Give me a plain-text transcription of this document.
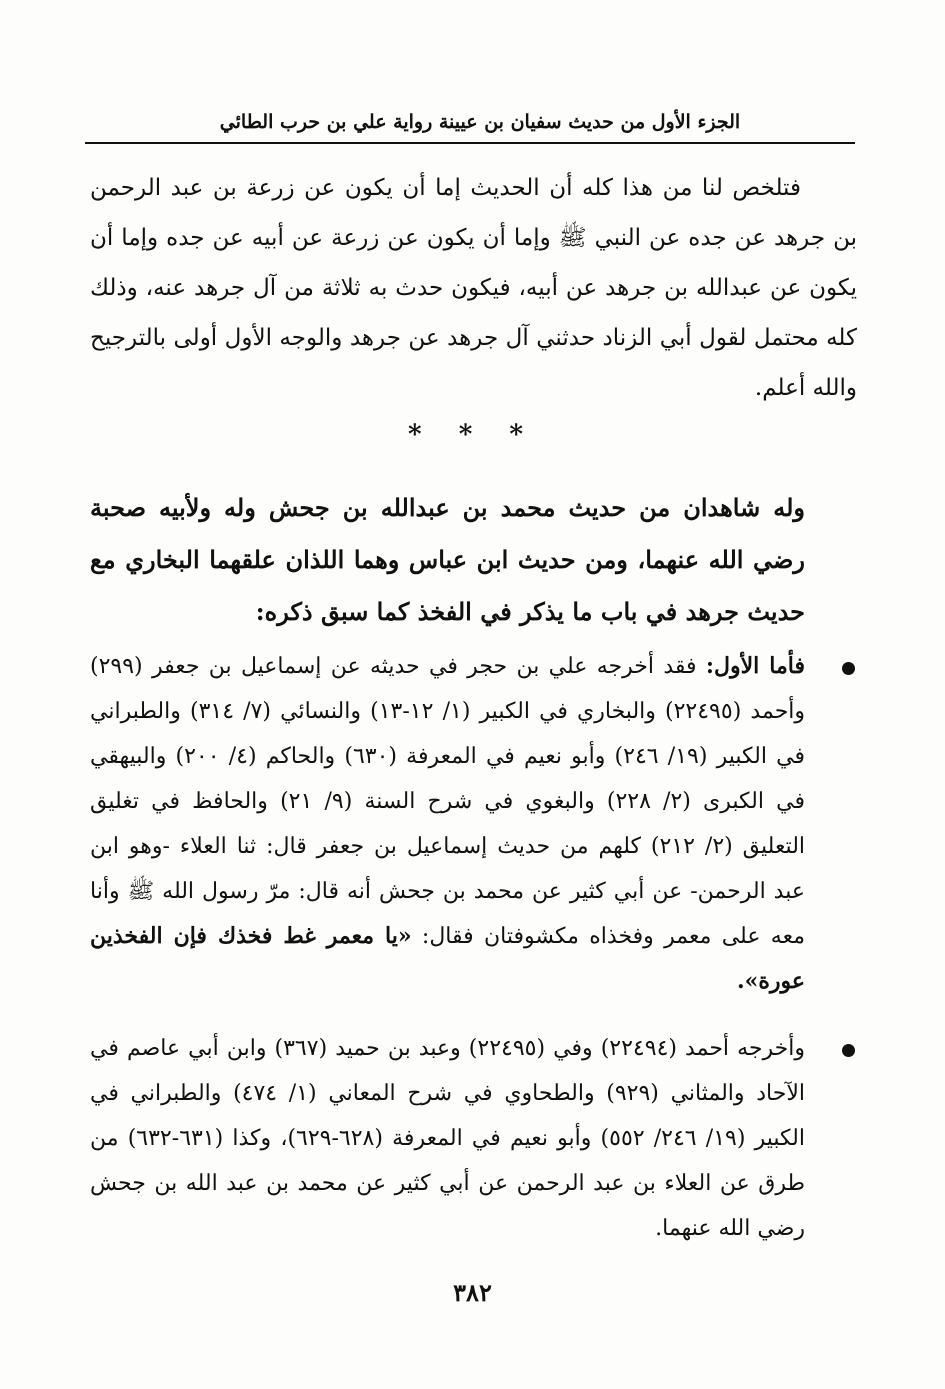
الجزء الأول من حديث سفيان بن عيينة رواية علي بن حرب الطائي

فتلخص لنا من هذا كله أن الحديث إما أن يكون عن زرعة بن عبد الرحمن بن جرهد عن جده عن النبي ﷺ وإما أن يكون عن زرعة عن أبيه عن جده وإما أن يكون عن عبدالله بن جرهد عن أبيه، فيكون حدث به ثلاثة من آل جرهد عنه، وذلك كله محتمل لقول أبي الزناد حدثني آل جرهد عن جرهد والوجه الأول أولى بالترجيح والله أعلم.

* * *

وله شاهدان من حديث محمد بن عبدالله بن جحش وله ولأبيه صحبة رضي الله عنهما، ومن حديث ابن عباس وهما اللذان علقهما البخاري مع حديث جرهد في باب ما يذكر في الفخذ كما سبق ذكره:

فأما الأول: فقد أخرجه علي بن حجر في حديثه عن إسماعيل بن جعفر (٢٩٩) وأحمد (٢٢٤٩٥) والبخاري في الكبير (١/ ١٢-١٣) والنسائي (٧/ ٣١٤) والطبراني في الكبير (١٩/ ٢٤٦) وأبو نعيم في المعرفة (٦٣٠) والحاكم (٤/ ٢٠٠) والبيهقي في الكبرى (٢/ ٢٢٨) والبغوي في شرح السنة (٩/ ٢١) والحافظ في تغليق التعليق (٢/ ٢١٢) كلهم من حديث إسماعيل بن جعفر قال: ثنا العلاء -وهو ابن عبد الرحمن- عن أبي كثير عن محمد بن جحش أنه قال: مرّ رسول الله ﷺ وأنا معه على معمر وفخذاه مكشوفتان فقال: «يا معمر غط فخذك فإن الفخذين عورة».

وأخرجه أحمد (٢٢٤٩٤) وفي (٢٢٤٩٥) وعبد بن حميد (٣٦٧) وابن أبي عاصم في الآحاد والمثاني (٩٢٩) والطحاوي في شرح المعاني (١/ ٤٧٤) والطبراني في الكبير (١٩/ ٢٤٦/ ٥٥٢) وأبو نعيم في المعرفة (٦٢٨-٦٢٩)، وكذا (٦٣١-٦٣٢) من طرق عن العلاء بن عبد الرحمن عن أبي كثير عن محمد بن عبد الله بن جحش رضي الله عنهما.

٣٨٢
